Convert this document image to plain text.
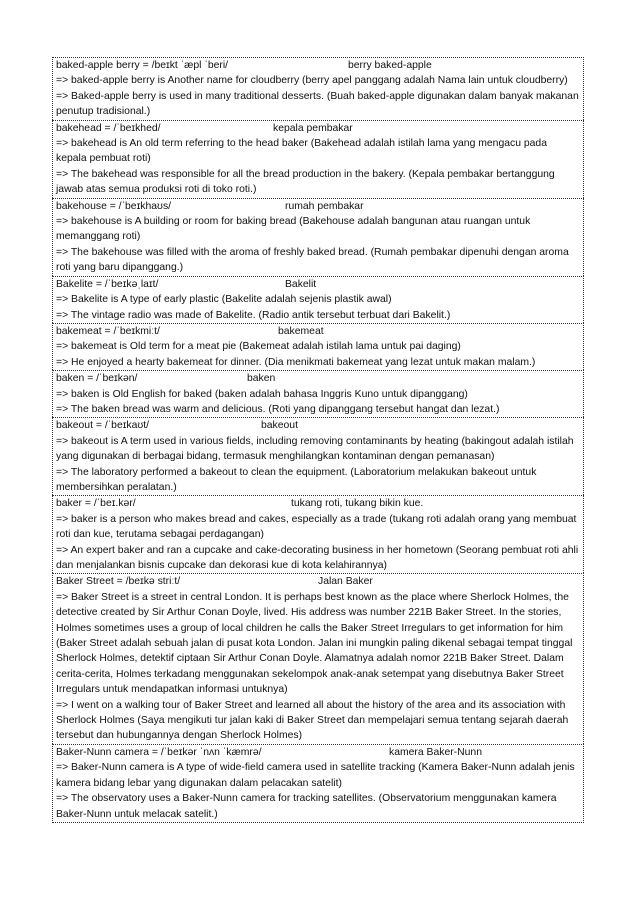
baked-apple berry = /beɪkt ˈæpl ˈberi/	berry baked-apple
=> baked-apple berry is Another name for cloudberry (berry apel panggang adalah Nama lain untuk cloudberry)
=> Baked-apple berry is used in many traditional desserts. (Buah baked-apple digunakan dalam banyak makanan penutup tradisional.)
bakehead = /ˈbeɪkhed/	kepala pembakar
=> bakehead is An old term referring to the head baker (Bakehead adalah istilah lama yang mengacu pada kepala pembuat roti)
=> The bakehead was responsible for all the bread production in the bakery. (Kepala pembakar bertanggung jawab atas semua produksi roti di toko roti.)
bakehouse = /ˈbeɪkhaʊs/	rumah pembakar
=> bakehouse is A building or room for baking bread (Bakehouse adalah bangunan atau ruangan untuk memanggang roti)
=> The bakehouse was filled with the aroma of freshly baked bread. (Rumah pembakar dipenuhi dengan aroma roti yang baru dipanggang.)
Bakelite = /ˈbeɪkəˌlaɪt/	Bakelit
=> Bakelite is A type of early plastic (Bakelite adalah sejenis plastik awal)
=> The vintage radio was made of Bakelite. (Radio antik tersebut terbuat dari Bakelit.)
bakemeat = /ˈbeɪkmiːt/	bakemeat
=> bakemeat is Old term for a meat pie (Bakemeat adalah istilah lama untuk pai daging)
=> He enjoyed a hearty bakemeat for dinner. (Dia menikmati bakemeat yang lezat untuk makan malam.)
baken = /ˈbeɪkən/	baken
=> baken is Old English for baked (baken adalah bahasa Inggris Kuno untuk dipanggang)
=> The baken bread was warm and delicious. (Roti yang dipanggang tersebut hangat dan lezat.)
bakeout = /ˈbeɪkaʊt/	bakeout
=> bakeout is A term used in various fields, including removing contaminants by heating (bakingout adalah istilah yang digunakan di berbagai bidang, termasuk menghilangkan kontaminan dengan pemanasan)
=> The laboratory performed a bakeout to clean the equipment. (Laboratorium melakukan bakeout untuk membersihkan peralatan.)
baker = /ˈbeɪ.kər/	tukang roti, tukang bikin kue.
=> baker is a person who makes bread and cakes, especially as a trade (tukang roti adalah orang yang membuat roti dan kue, terutama sebagai perdagangan)
=> An expert baker and ran a cupcake and cake-decorating business in her hometown (Seorang pembuat roti ahli dan menjalankan bisnis cupcake dan dekorasi kue di kota kelahirannya)
Baker Street = /beɪkə striːt/	Jalan Baker
=> Baker Street is a street in central London. It is perhaps best known as the place where Sherlock Holmes, the detective created by Sir Arthur Conan Doyle, lived. His address was number 221B Baker Street. In the stories, Holmes sometimes uses a group of local children he calls the Baker Street Irregulars to get information for him (Baker Street adalah sebuah jalan di pusat kota London. Jalan ini mungkin paling dikenal sebagai tempat tinggal Sherlock Holmes, detektif ciptaan Sir Arthur Conan Doyle. Alamatnya adalah nomor 221B Baker Street. Dalam cerita-cerita, Holmes terkadang menggunakan sekelompok anak-anak setempat yang disebutnya Baker Street Irregulars untuk mendapatkan informasi untuknya)
=> I went on a walking tour of Baker Street and learned all about the history of the area and its association with Sherlock Holmes (Saya mengikuti tur jalan kaki di Baker Street dan mempelajari semua tentang sejarah daerah tersebut dan hubungannya dengan Sherlock Holmes)
Baker-Nunn camera = /ˈbeɪkər ˈnʌn ˈkæmrə/	kamera Baker-Nunn
=> Baker-Nunn camera is A type of wide-field camera used in satellite tracking (Kamera Baker-Nunn adalah jenis kamera bidang lebar yang digunakan dalam pelacakan satelit)
=> The observatory uses a Baker-Nunn camera for tracking satellites. (Observatorium menggunakan kamera Baker-Nunn untuk melacak satelit.)
